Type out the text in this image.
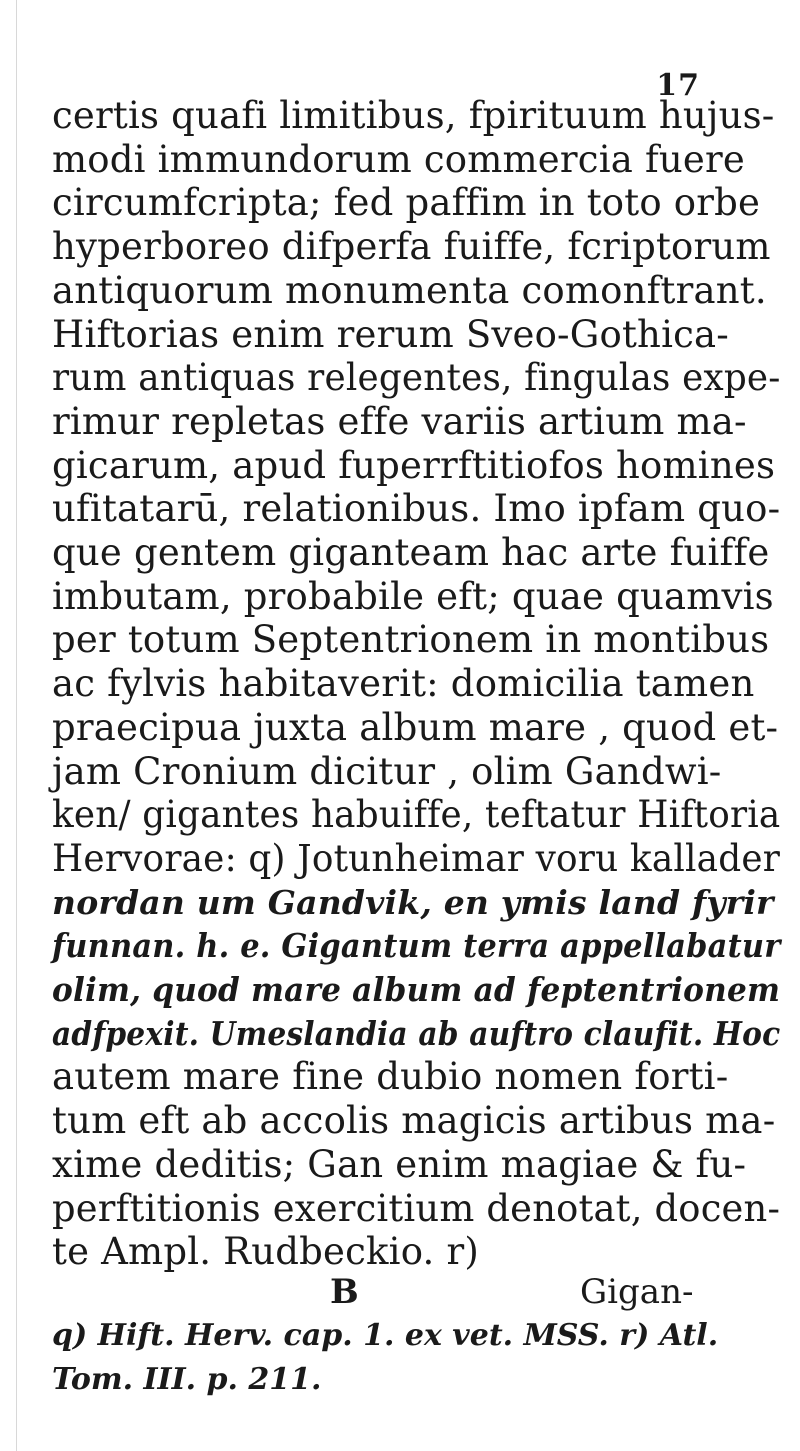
17
certis quafi limitibus, fpirituum hujus-
modi immundorum commercia fuere
circumfcripta; fed paffim in toto orbe
hyperboreo difperfa fuiffe, fcriptorum
antiquorum monumenta comonftrant.
Hiftorias enim rerum Sveo-Gothica-
rum antiquas relegentes, fingulas expe-
rimur repletas effe variis artium ma-
gicarum, apud fuperrftitiofos homines
ufitatarū, relationibus. Imo ipfam quo-
que gentem giganteam hac arte fuiffe
imbutam, probabile eft; quae quamvis
per totum Septentrionem in montibus
ac fylvis habitaverit: domicilia tamen
praecipua juxta album mare , quod et-
jam Cronium dicitur , olim Gandwi-
ken/ gigantes habuiffe, teftatur Hiftoria
Hervorae: q) Jotunheimar voru kallader
nordan um Gandvik, en ymis land fyrir
funnan. h. e. Gigantum terra appellabatur
olim, quod mare album ad feptentrionem
adfpexit. Umeslandia ab auftro claufit. Hoc
autem mare fine dubio nomen forti-
tum eft ab accolis magicis artibus ma-
xime deditis; Gan enim magiae & fu-
perftitionis exercitium denotat, docen-
te Ampl. Rudbeckio. r)
B	Gigan-
q) Hift. Herv. cap. 1. ex vet. MSS. r) Atl.
Tom. III. p. 211.
